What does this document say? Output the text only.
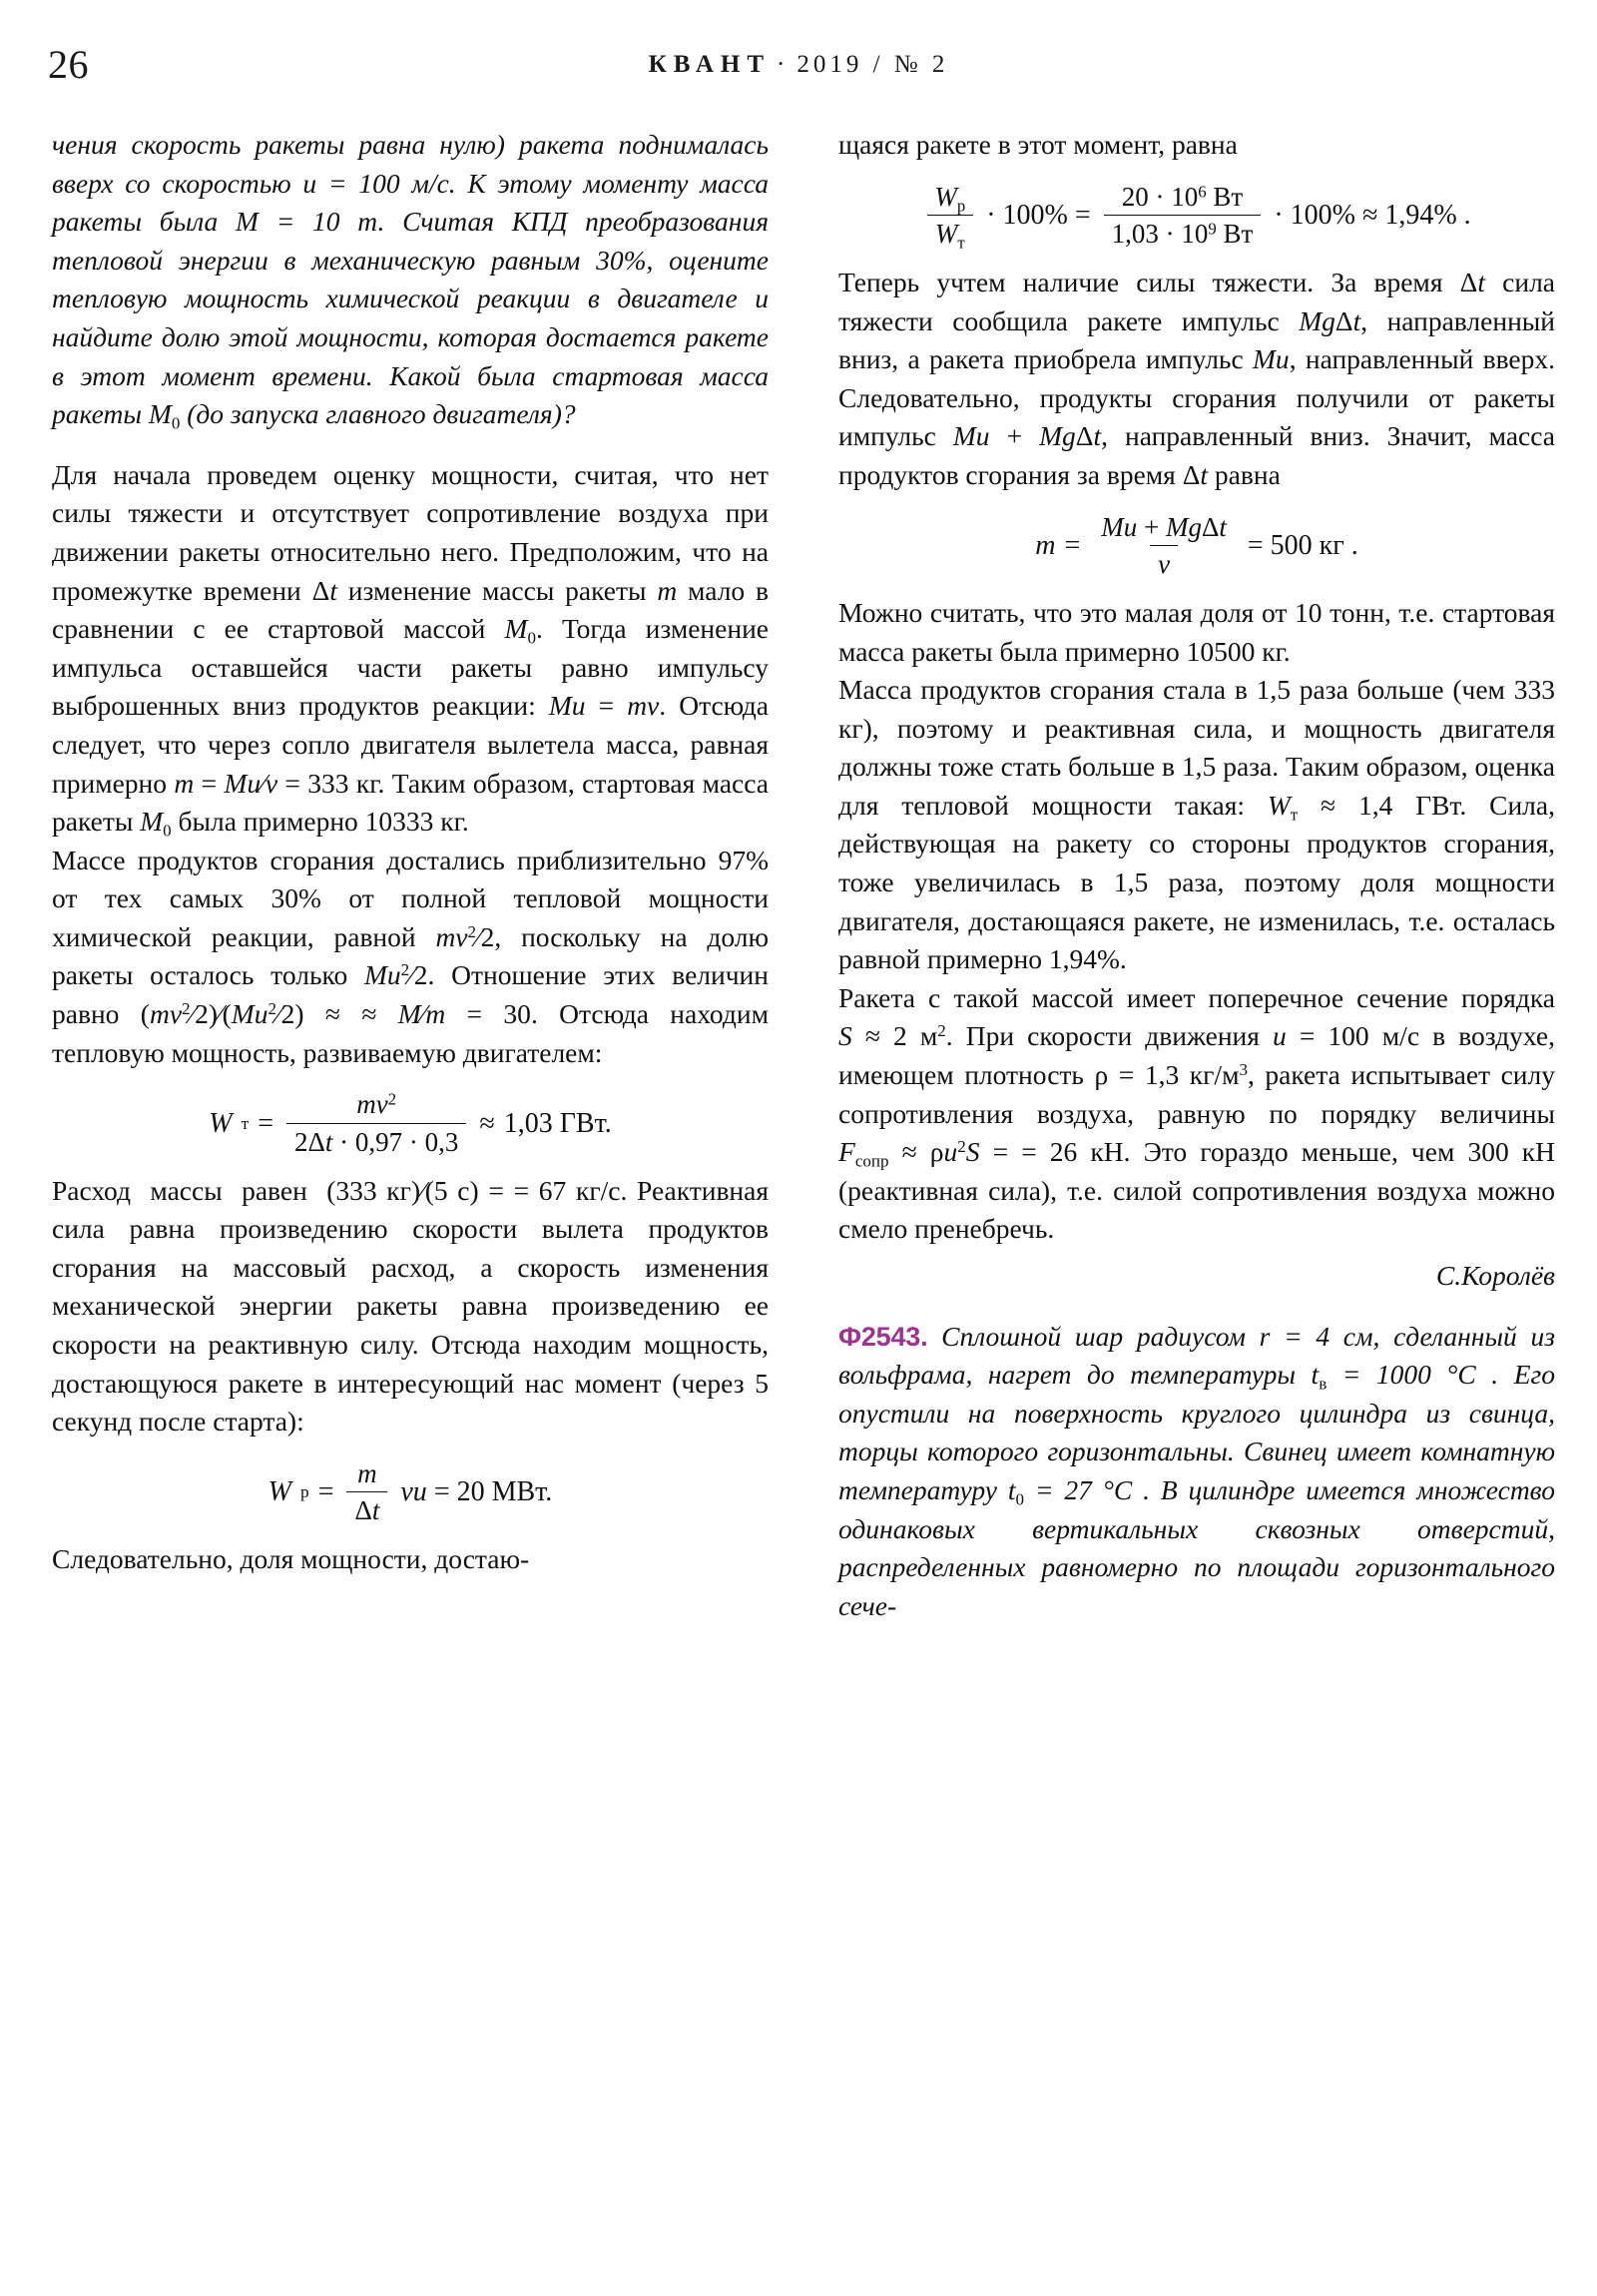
26	КВАНТ · 2019 / № 2

чения скорость ракеты равна нулю) ракета поднималась вверх со скоростью u = 100 м/с. К этому моменту масса ракеты была M = 10 т. Считая КПД преобразования тепловой энергии в механическую равным 30%, оцените тепловую мощность химической реакции в двигателе и найдите долю этой мощности, которая достается ракете в этот момент времени. Какой была стартовая масса ракеты $M_0$ (до запуска главного двигателя)?

Для начала проведем оценку мощности, считая, что нет силы тяжести и отсутствует сопротивление воздуха при движении ракеты относительно него. Предположим, что на промежутке времени Δt изменение массы ракеты m мало в сравнении с ее стартовой массой $M_0$. Тогда изменение импульса оставшейся части ракеты равно импульсу выброшенных вниз продуктов реакции: Mu = mv. Отсюда следует, что через сопло двигателя вылетела масса, равная примерно m = Mu⁄v = 333 кг. Таким образом, стартовая масса ракеты $M_0$ была примерно 10333 кг.

Массе продуктов сгорания достались приблизительно 97% от тех самых 30% от полной тепловой мощности химической реакции, равной $mv^2⁄2$, поскольку на долю ракеты осталось только Mu$^2$⁄2. Отношение этих величин равно $(mv^2⁄2)⁄(Mu^2⁄2)$ ≈ ≈ M⁄m = 30. Отсюда находим тепловую мощность, развиваемую двигателем:

W $т = \frac{mv^2}{2\Delta t \cdot 0,97 \cdot 0,3} \approx 1,03$ ГВт.

Расход  массы  равен  (333 кг)⁄(5 с) = = 67 кг/с. Реактивная сила равна произведению скорости вылета продуктов сгорания на массовый расход, а скорость изменения механической энергии ракеты равна произведению ее скорости на реактивную силу. Отсюда находим мощность, достающуюся ракете в интересующий нас момент (через 5 секунд после старта):

W $р = \frac{m}{\Delta t}$ vu = 20 МВт.

Следовательно, доля мощности, достаю-

щаяся ракете в этот момент, равна

$\frac{W_р}{W_т} \cdot 100\% = \frac{20 \cdot 10^6 Вт}{1,03 \cdot 10^9 Вт} \cdot 100\% \approx 1,94\%$ .

Теперь учтем наличие силы тяжести. За время Δt сила тяжести сообщила ракете импульс MgΔt, направленный вниз, а ракета приобрела импульс Mu, направленный вверх. Следовательно, продукты сгорания получили от ракеты импульс Mu + MgΔt, направленный вниз. Значит, масса продуктов сгорания за время Δt равна

$m = \frac{\text{Mu + MgΔt}}{v} = 500$ кг .

Можно считать, что это малая доля от 10 тонн, т.е. стартовая масса ракеты была примерно 10500 кг.

Масса продуктов сгорания стала в 1,5 раза больше (чем 333 кг), поэтому и реактивная сила, и мощность двигателя должны тоже стать больше в 1,5 раза. Таким образом, оценка для тепловой мощности такая: $W_т \approx 1,4$ ГВт. Сила, действующая на ракету со стороны продуктов сгорания, тоже увеличилась в 1,5 раза, поэтому доля мощности двигателя, достающаяся ракете, не изменилась, т.е. осталась равной примерно 1,94%.

Ракета с такой массой имеет поперечное сечение порядка S ≈ 2 $м^2$. При скорости движения u = 100 м/с в воздухе, имеющем плотность ρ = 1,3 $кг/м^3$, ракета испытывает силу сопротивления воздуха, равную по порядку величины $F_{сопр} \approx \rho u^2S$ = = 26 кН. Это гораздо меньше, чем 300 кН (реактивная сила), т.е. силой сопротивления воздуха можно смело пренебречь.

С.Королёв

Ф2543. Сплошной шар радиусом r = 4 см, сделанный из вольфрама, нагрет до температуры $t_в = 1000$ °C . Его опустили на поверхность круглого цилиндра из свинца, торцы которого горизонтальны. Свинец имеет комнатную температуру $t_0 = 27$ °C . В цилиндре имеется множество одинаковых вертикальных сквозных отверстий, распределенных равномерно по площади горизонтального сече-
